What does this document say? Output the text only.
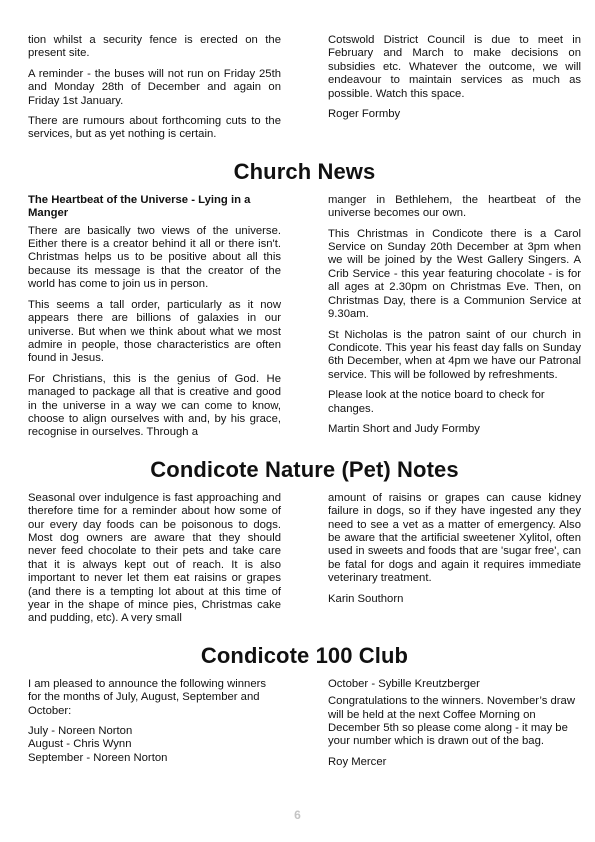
tion whilst a security fence is erected on the present site.

A reminder - the buses will not run on Friday 25th and Monday 28th of December and again on Friday 1st January.

There are rumours about forthcoming cuts to the services, but as yet nothing is certain.

Cotswold District Council is due to meet in February and March to make decisions on subsidies etc. Whatever the outcome, we will endeavour to maintain services as much as possible. Watch this space.

Roger Formby

Church News

The Heartbeat of the Universe - Lying in a Manger

There are basically two views of the universe. Either there is a creator behind it all or there isn't. Christmas helps us to be positive about all this because its message is that the creator of the world has come to join us in person.

This seems a tall order, particularly as it now appears there are billions of galaxies in our universe. But when we think about what we most admire in people, those characteristics are often found in Jesus.

For Christians, this is the genius of God. He managed to package all that is creative and good in the universe in a way we can come to know, choose to align ourselves with and, by his grace, recognise in ourselves. Through a

manger in Bethlehem, the heartbeat of the universe becomes our own.

This Christmas in Condicote there is a Carol Service on Sunday 20th December at 3pm when we will be joined by the West Gallery Singers. A Crib Service - this year featuring chocolate - is for all ages at 2.30pm on Christmas Eve. Then, on Christmas Day, there is a Communion Service at 9.30am.

St Nicholas is the patron saint of our church in Condicote. This year his feast day falls on Sunday 6th December, when at 4pm we have our Patronal service. This will be followed by refreshments.

Please look at the notice board to check for changes.

Martin Short and Judy Formby

Condicote Nature (Pet) Notes

Seasonal over indulgence is fast approaching and therefore time for a reminder about how some of our every day foods can be poisonous to dogs. Most dog owners are aware that they should never feed chocolate to their pets and take care that it is always kept out of reach. It is also important to never let them eat raisins or grapes (and there is a tempting lot about at this time of year in the shape of mince pies, Christmas cake and pudding, etc). A very small

amount of raisins or grapes can cause kidney failure in dogs, so if they have ingested any they need to see a vet as a matter of emergency. Also be aware that the artificial sweetener Xylitol, often used in sweets and foods that are 'sugar free', can be fatal for dogs and again it requires immediate veterinary treatment.

Karin Southorn

Condicote 100 Club

I am pleased to announce the following winners for the months of July, August, September and October:

July - Noreen Norton

August - Chris Wynn

September - Noreen Norton

October - Sybille Kreutzberger

Congratulations to the winners. November’s draw will be held at the next Coffee Morning on December 5th so please come along - it may be your number which is drawn out of the bag.

Roy Mercer

6
